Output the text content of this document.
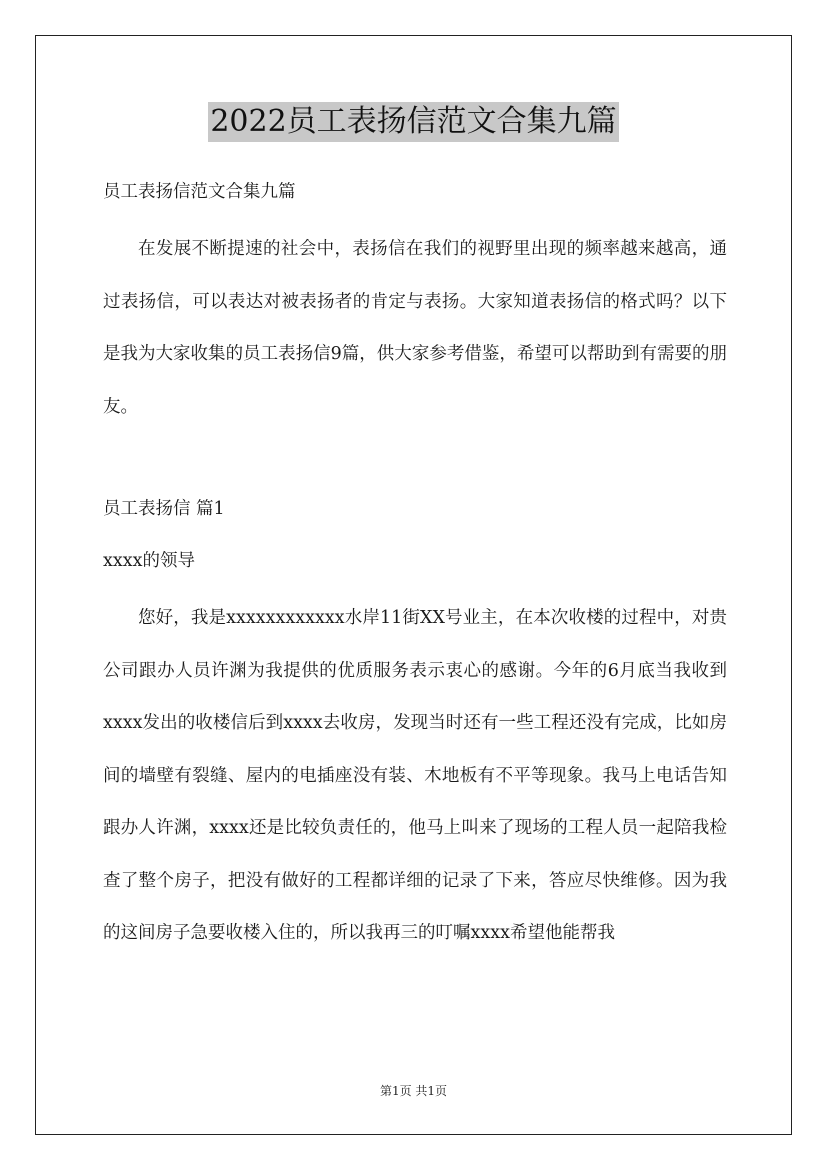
2022员工表扬信范文合集九篇
员工表扬信范文合集九篇

在发展不断提速的社会中，表扬信在我们的视野里出现的频率越来越高，通过表扬信，可以表达对被表扬者的肯定与表扬。大家知道表扬信的格式吗？以下是我为大家收集的员工表扬信9篇，供大家参考借鉴，希望可以帮助到有需要的朋友。

员工表扬信 篇1
xxxx的领导

您好，我是xxxxxxxxxxxx水岸11街XX号业主，在本次收楼的过程中，对贵公司跟办人员许渊为我提供的优质服务表示衷心的感谢。今年的6月底当我收到xxxx发出的收楼信后到xxxx去收房，发现当时还有一些工程还没有完成，比如房间的墙壁有裂缝、屋内的电插座没有装、木地板有不平等现象。我马上电话告知跟办人许渊，xxxx还是比较负责任的，他马上叫来了现场的工程人员一起陪我检查了整个房子，把没有做好的工程都详细的记录了下来，答应尽快维修。因为我的这间房子急要收楼入住的，所以我再三的叮嘱xxxx希望他能帮我

第1页 共1页
